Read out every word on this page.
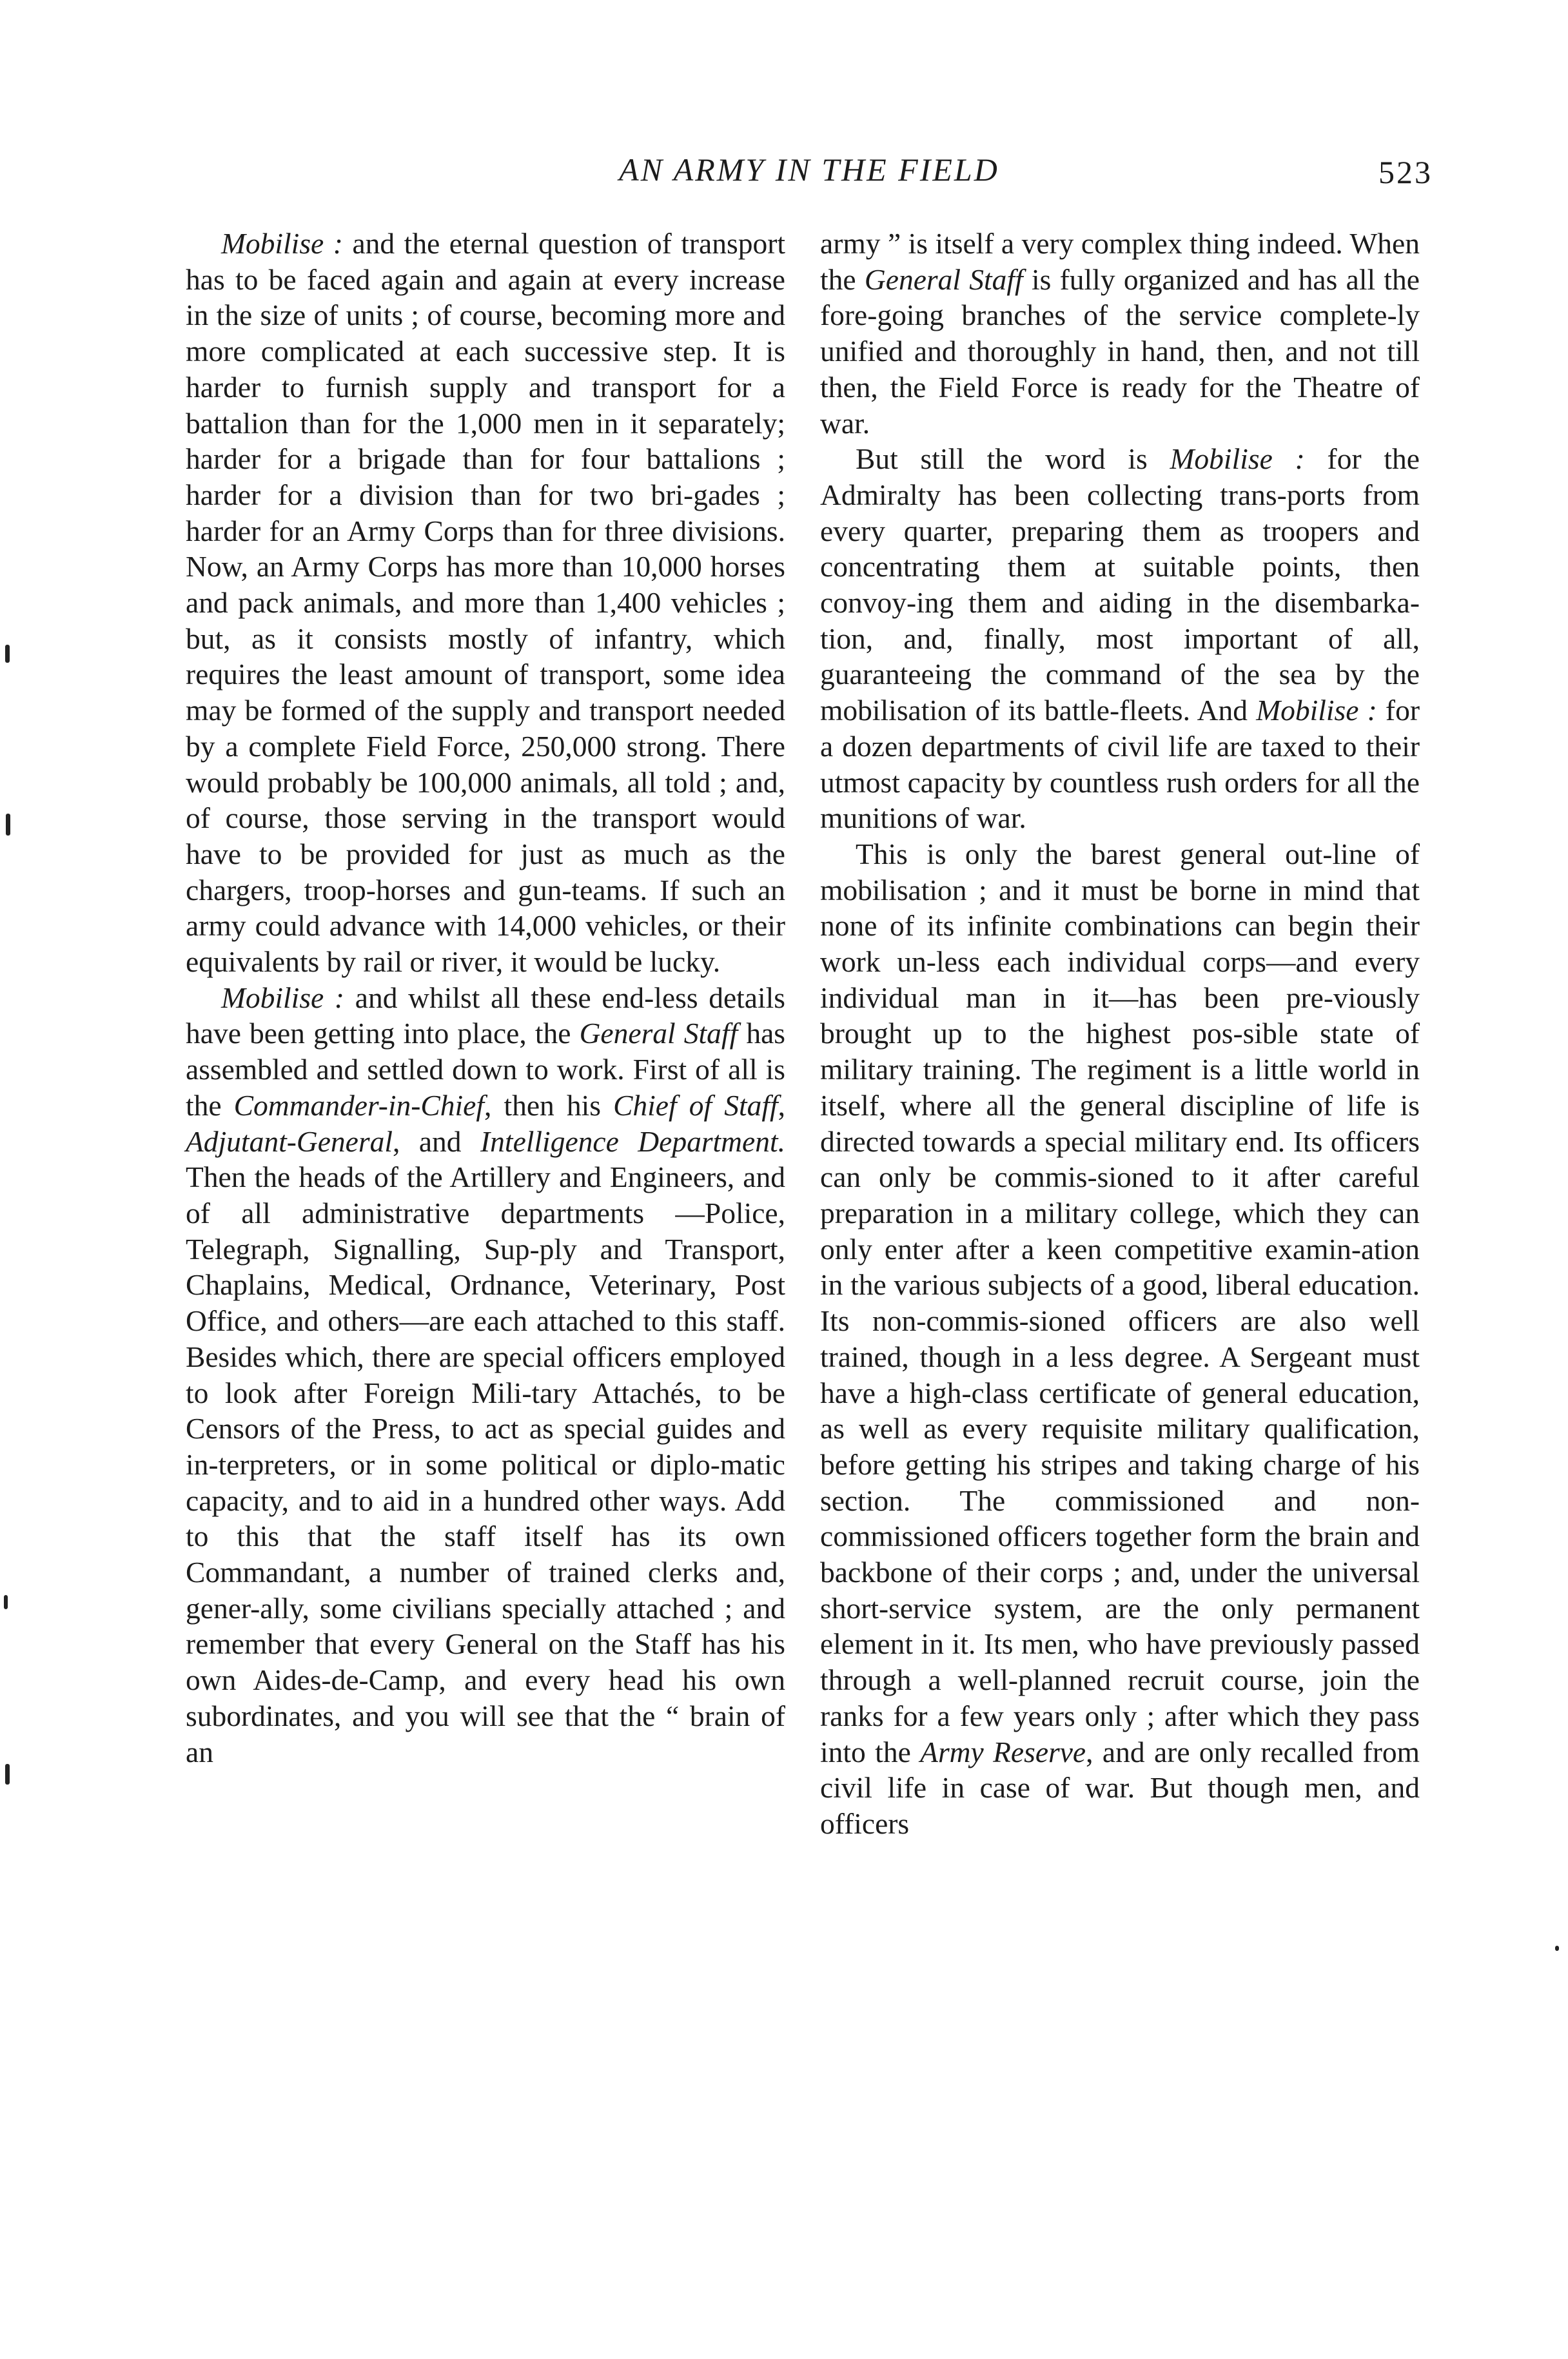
AN ARMY IN THE FIELD	523

Mobilise : and the eternal question of transport has to be faced again and again at every increase in the size of units ; of course, becoming more and more complicated at each successive step. It is harder to furnish supply and transport for a battalion than for the 1,000 men in it separately; harder for a brigade than for four battalions ; harder for a division than for two bri-gades ; harder for an Army Corps than for three divisions. Now, an Army Corps has more than 10,000 horses and pack animals, and more than 1,400 vehicles ; but, as it consists mostly of infantry, which requires the least amount of transport, some idea may be formed of the supply and transport needed by a complete Field Force, 250,000 strong. There would probably be 100,000 animals, all told ; and, of course, those serving in the transport would have to be provided for just as much as the chargers, troop-horses and gun-teams. If such an army could advance with 14,000 vehicles, or their equivalents by rail or river, it would be lucky.

Mobilise : and whilst all these end-less details have been getting into place, the General Staff has assembled and settled down to work. First of all is the Commander-in-Chief, then his Chief of Staff, Adjutant-General, and Intelligence Department. Then the heads of the Artillery and Engineers, and of all administrative departments —Police, Telegraph, Signalling, Sup-ply and Transport, Chaplains, Medical, Ordnance, Veterinary, Post Office, and others—are each attached to this staff. Besides which, there are special officers employed to look after Foreign Mili-tary Attachés, to be Censors of the Press, to act as special guides and in-terpreters, or in some political or diplo-matic capacity, and to aid in a hundred other ways. Add to this that the staff itself has its own Commandant, a number of trained clerks and, gener-ally, some civilians specially attached ; and remember that every General on the Staff has his own Aides-de-Camp, and every head his own subordinates, and you will see that the “ brain of an

army ” is itself a very complex thing indeed. When the General Staff is fully organized and has all the fore-going branches of the service complete-ly unified and thoroughly in hand, then, and not till then, the Field Force is ready for the Theatre of war.

But still the word is Mobilise : for the Admiralty has been collecting trans-ports from every quarter, preparing them as troopers and concentrating them at suitable points, then convoy-ing them and aiding in the disembarka-tion, and, finally, most important of all, guaranteeing the command of the sea by the mobilisation of its battle-fleets. And Mobilise : for a dozen departments of civil life are taxed to their utmost capacity by countless rush orders for all the munitions of war.

This is only the barest general out-line of mobilisation ; and it must be borne in mind that none of its infinite combinations can begin their work un-less each individual corps—and every individual man in it—has been pre-viously brought up to the highest pos-sible state of military training. The regiment is a little world in itself, where all the general discipline of life is directed towards a special military end. Its officers can only be commis-sioned to it after careful preparation in a military college, which they can only enter after a keen competitive examin-ation in the various subjects of a good, liberal education. Its non-commis-sioned officers are also well trained, though in a less degree. A Sergeant must have a high-class certificate of general education, as well as every requisite military qualification, before getting his stripes and taking charge of his section. The commissioned and non-commissioned officers together form the brain and backbone of their corps ; and, under the universal short-service system, are the only permanent element in it. Its men, who have previously passed through a well-planned recruit course, join the ranks for a few years only ; after which they pass into the Army Reserve, and are only recalled from civil life in case of war. But though men, and officers
